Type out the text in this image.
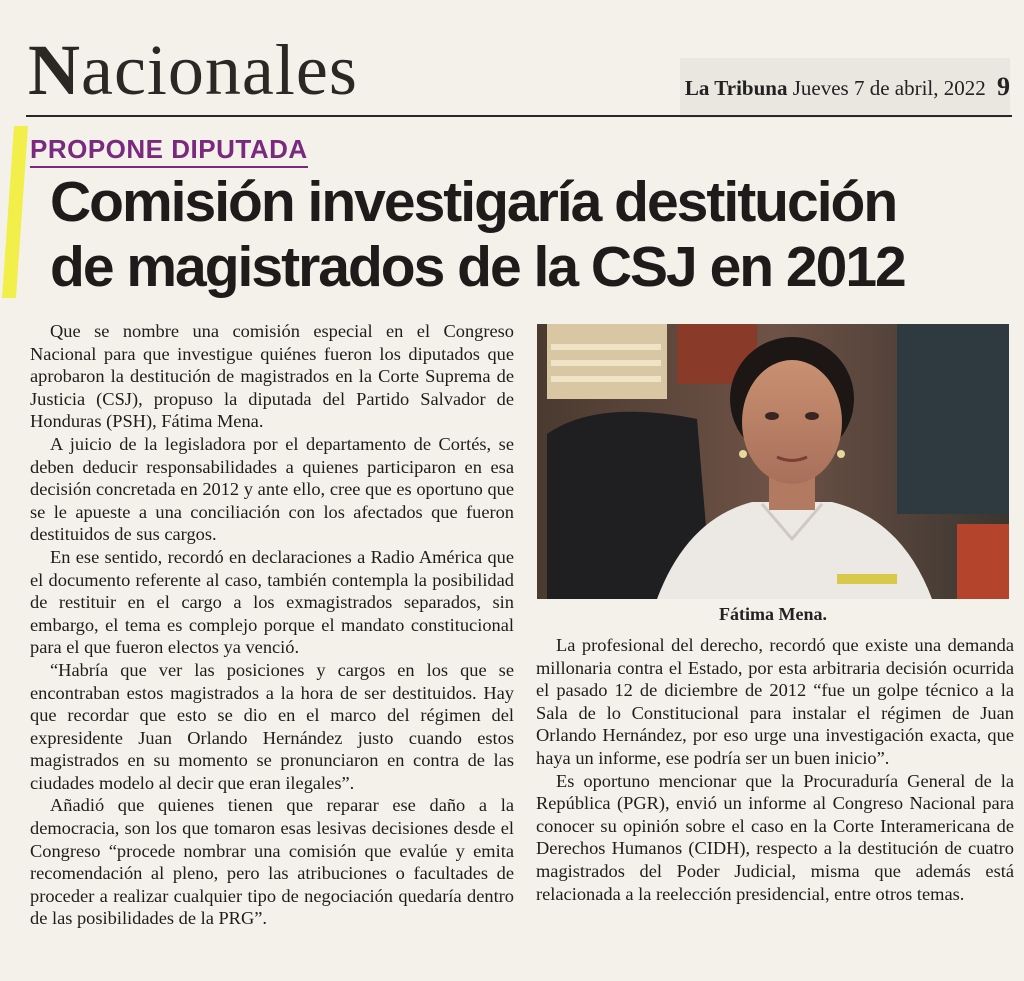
Nacionales	La Tribuna Jueves 7 de abril, 2022 9
PROPONE DIPUTADA
Comisión investigaría destitución
de magistrados de la CSJ en 2012

Que se nombre una comisión especial en el Congreso Nacional para que investigue quiénes fueron los diputados que aprobaron la destitución de magistrados en la Corte Suprema de Justicia (CSJ), propuso la diputada del Partido Salvador de Honduras (PSH), Fátima Mena.

A juicio de la legisladora por el departamento de Cortés, se deben deducir responsabilidades a quienes participaron en esa decisión concretada en 2012 y ante ello, cree que es oportuno que se le apueste a una conciliación con los afectados que fueron destituidos de sus cargos.

En ese sentido, recordó en declaraciones a Radio América que el documento referente al caso, también contempla la posibilidad de restituir en el cargo a los exmagistrados separados, sin embargo, el tema es complejo porque el mandato constitucional para el que fueron electos ya venció.

“Habría que ver las posiciones y cargos en los que se encontraban estos magistrados a la hora de ser destituidos. Hay que recordar que esto se dio en el marco del régimen del expresidente Juan Orlando Hernández justo cuando estos magistrados en su momento se pronunciaron en contra de las ciudades modelo al decir que eran ilegales”.

Añadió que quienes tienen que reparar ese daño a la democracia, son los que tomaron esas lesivas decisiones desde el Congreso “procede nombrar una comisión que evalúe y emita recomendación al pleno, pero las atribuciones o facultades de proceder a realizar cualquier tipo de negociación quedaría dentro de las posibilidades de la PRG”.

Fátima Mena.

La profesional del derecho, recordó que existe una demanda millonaria contra el Estado, por esta arbitraria decisión ocurrida el pasado 12 de diciembre de 2012 “fue un golpe técnico a la Sala de lo Constitucional para instalar el régimen de Juan Orlando Hernández, por eso urge una investigación exacta, que haya un informe, ese podría ser un buen inicio”.

Es oportuno mencionar que la Procuraduría General de la República (PGR), envió un informe al Congreso Nacional para conocer su opinión sobre el caso en la Corte Interamericana de Derechos Humanos (CIDH), respecto a la destitución de cuatro magistrados del Poder Judicial, misma que además está relacionada a la reelección presidencial, entre otros temas.
